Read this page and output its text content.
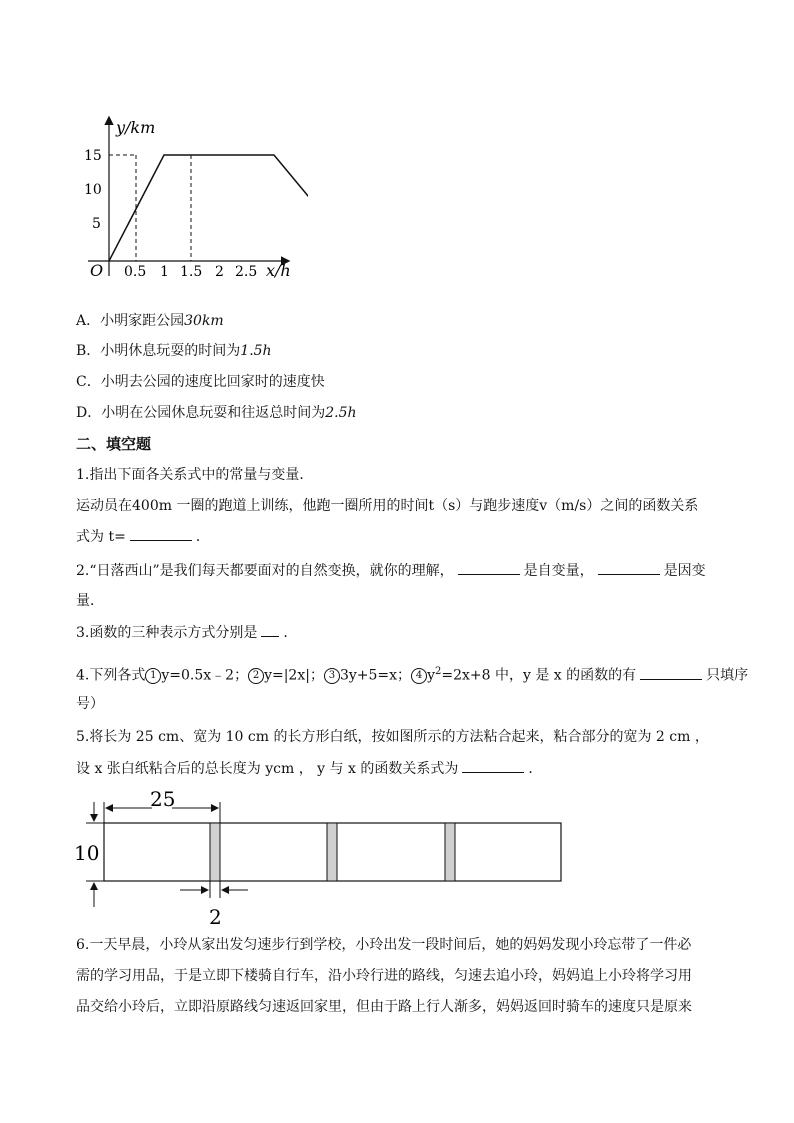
y/km
x/h
O
15
10
5
0.5 1 1.5 2 2.5
A．小明家距公园30km
B．小明休息玩耍的时间为1.5h
C．小明去公园的速度比回家时的速度快
D．小明在公园休息玩耍和往返总时间为2.5h
二、填空题
1.指出下面各关系式中的常量与变量．
运动员在400m 一圈的跑道上训练，他跑一圈所用的时间t（s）与跑步速度v（m/s）之间的函数关系
式为 t=	．
2.“日落西山”是我们每天都要面对的自然变换，就你的理解，	是自变量，	是因变
量．
3.函数的三种表示方式分别是 ．
4.下列各式 1 y=0.5x﹣2； 2 y=|2x|； 3 3y+5=x； 4 $y^2=2x+8$ 中，y 是 x 的函数的有	只填序
号）
5.将长为 25 cm、宽为 10 cm 的长方形白纸，按如图所示的方法粘合起来，粘合部分的宽为 2 cm ，
设 x 张白纸粘合后的总长度为 ycm ， y 与 x 的函数关系式为	．
25
10
2
6.一天早晨，小玲从家出发匀速步行到学校，小玲出发一段时间后，她的妈妈发现小玲忘带了一件必
需的学习用品，于是立即下楼骑自行车，沿小玲行进的路线，匀速去追小玲，妈妈追上小玲将学习用
品交给小玲后，立即沿原路线匀速返回家里，但由于路上行人渐多，妈妈返回时骑车的速度只是原来
